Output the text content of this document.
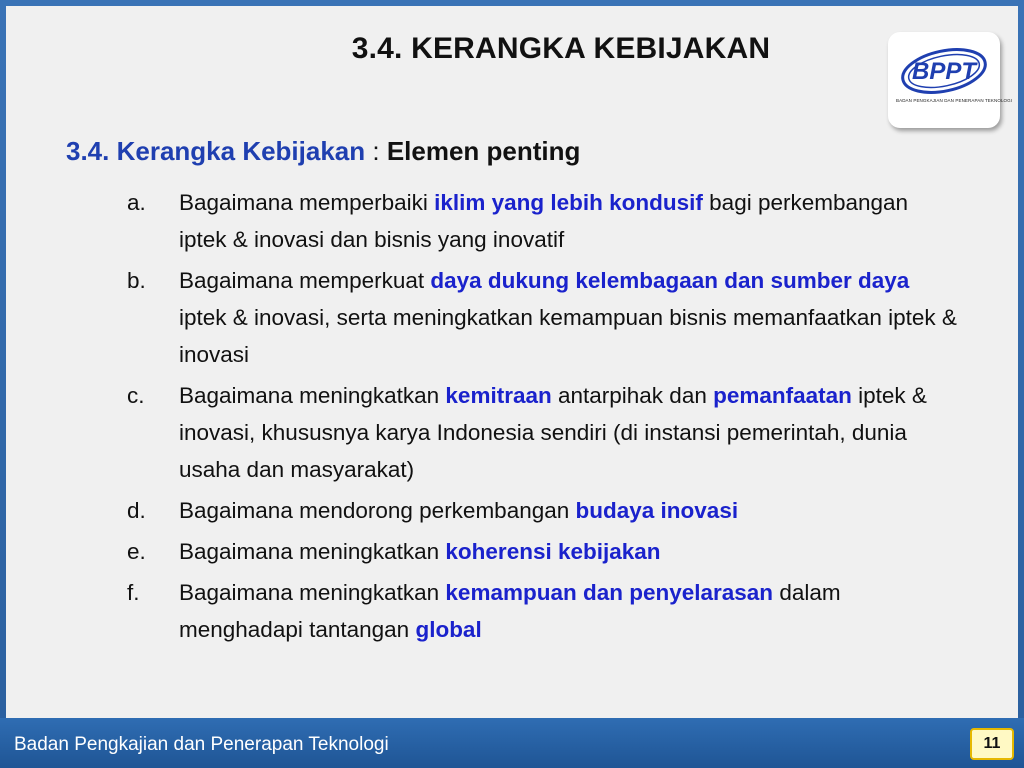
3.4. KERANGKA KEBIJAKAN
BPPT
BADAN PENGKAJIAN DAN PENERAPAN TEKNOLOGI
3.4. Kerangka Kebijakan : Elemen penting
a. Bagaimana memperbaiki iklim yang lebih kondusif bagi perkembangan iptek & inovasi dan bisnis yang inovatif
b. Bagaimana memperkuat daya dukung kelembagaan dan sumber daya iptek & inovasi, serta meningkatkan kemampuan bisnis memanfaatkan iptek & inovasi
c. Bagaimana meningkatkan kemitraan antarpihak dan pemanfaatan iptek & inovasi, khususnya karya Indonesia sendiri (di instansi pemerintah, dunia usaha dan masyarakat)
d. Bagaimana mendorong perkembangan budaya inovasi
e. Bagaimana meningkatkan koherensi kebijakan
f. Bagaimana meningkatkan kemampuan dan penyelarasan dalam menghadapi tantangan global
Badan Pengkajian dan Penerapan Teknologi	11
